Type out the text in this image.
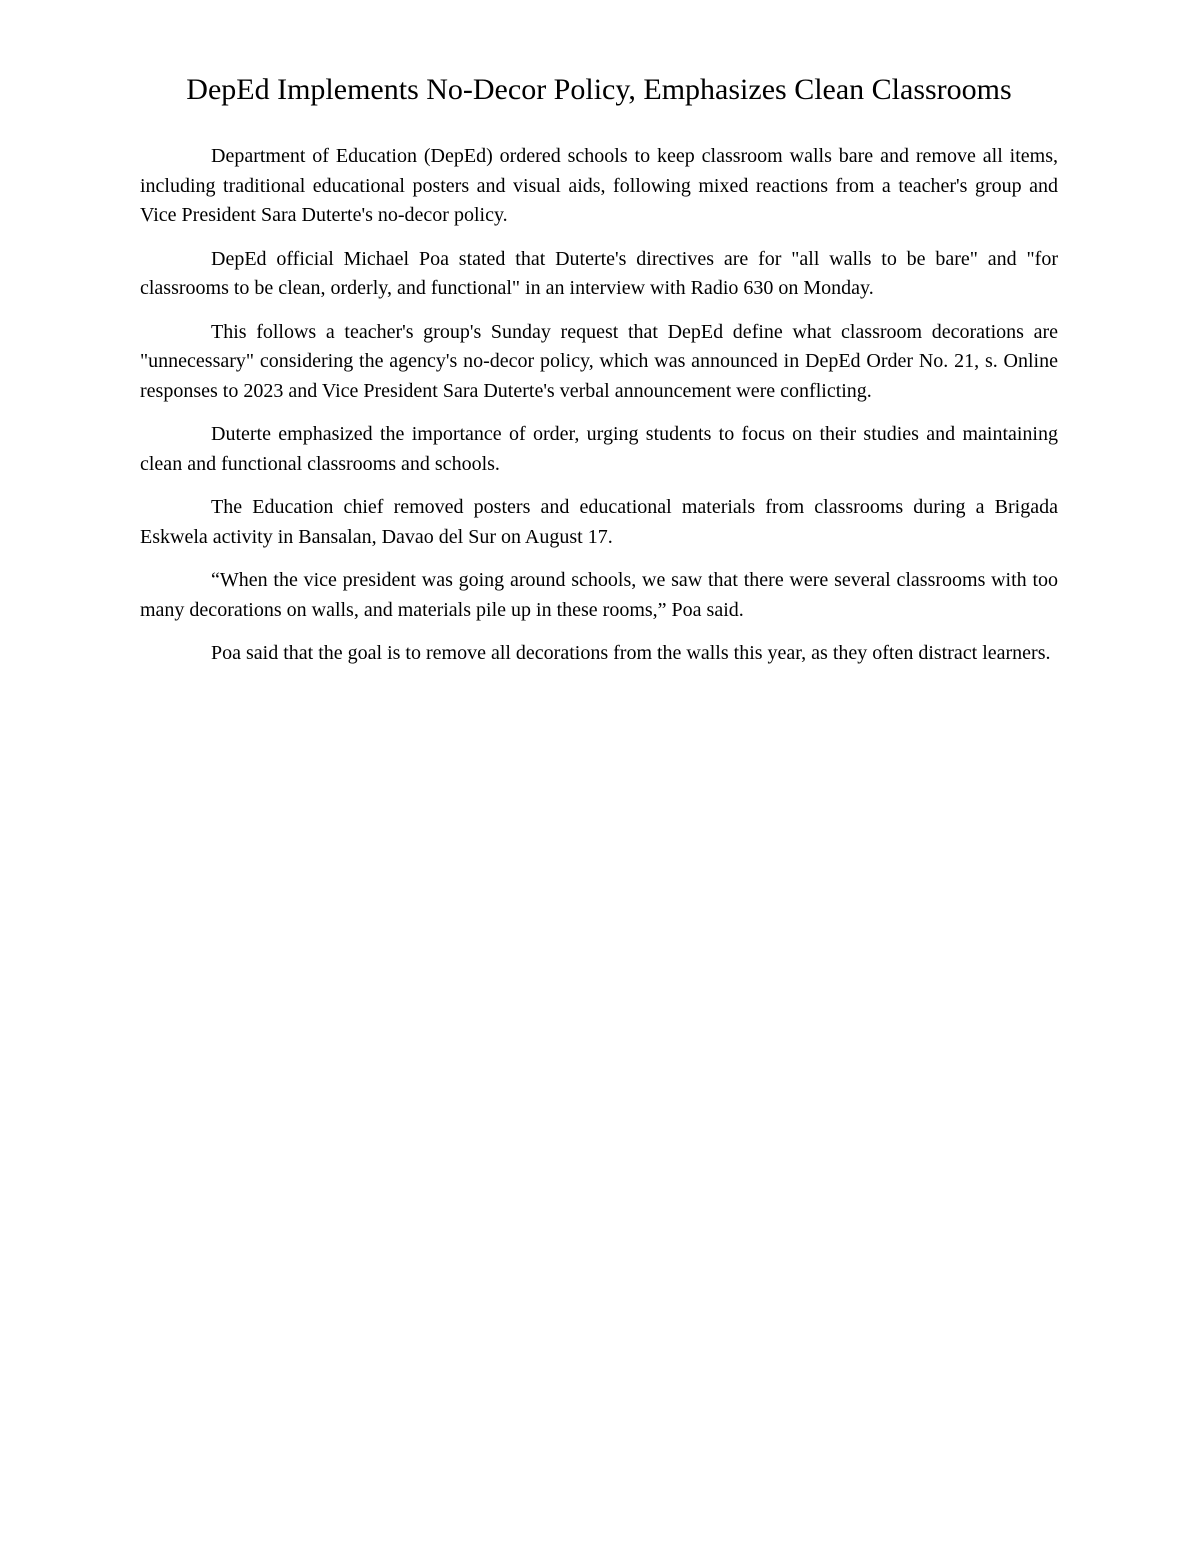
DepEd Implements No-Decor Policy, Emphasizes Clean Classrooms

Department of Education (DepEd) ordered schools to keep classroom walls bare and remove all items, including traditional educational posters and visual aids, following mixed reactions from a teacher's group and Vice President Sara Duterte's no-decor policy.

DepEd official Michael Poa stated that Duterte's directives are for "all walls to be bare" and "for classrooms to be clean, orderly, and functional" in an interview with Radio 630 on Monday.

This follows a teacher's group's Sunday request that DepEd define what classroom decorations are "unnecessary" considering the agency's no-decor policy, which was announced in DepEd Order No. 21, s. Online responses to 2023 and Vice President Sara Duterte's verbal announcement were conflicting.

Duterte emphasized the importance of order, urging students to focus on their studies and maintaining clean and functional classrooms and schools.

The Education chief removed posters and educational materials from classrooms during a Brigada Eskwela activity in Bansalan, Davao del Sur on August 17.

“When the vice president was going around schools, we saw that there were several classrooms with too many decorations on walls, and materials pile up in these rooms,” Poa said.

Poa said that the goal is to remove all decorations from the walls this year, as they often distract learners.
